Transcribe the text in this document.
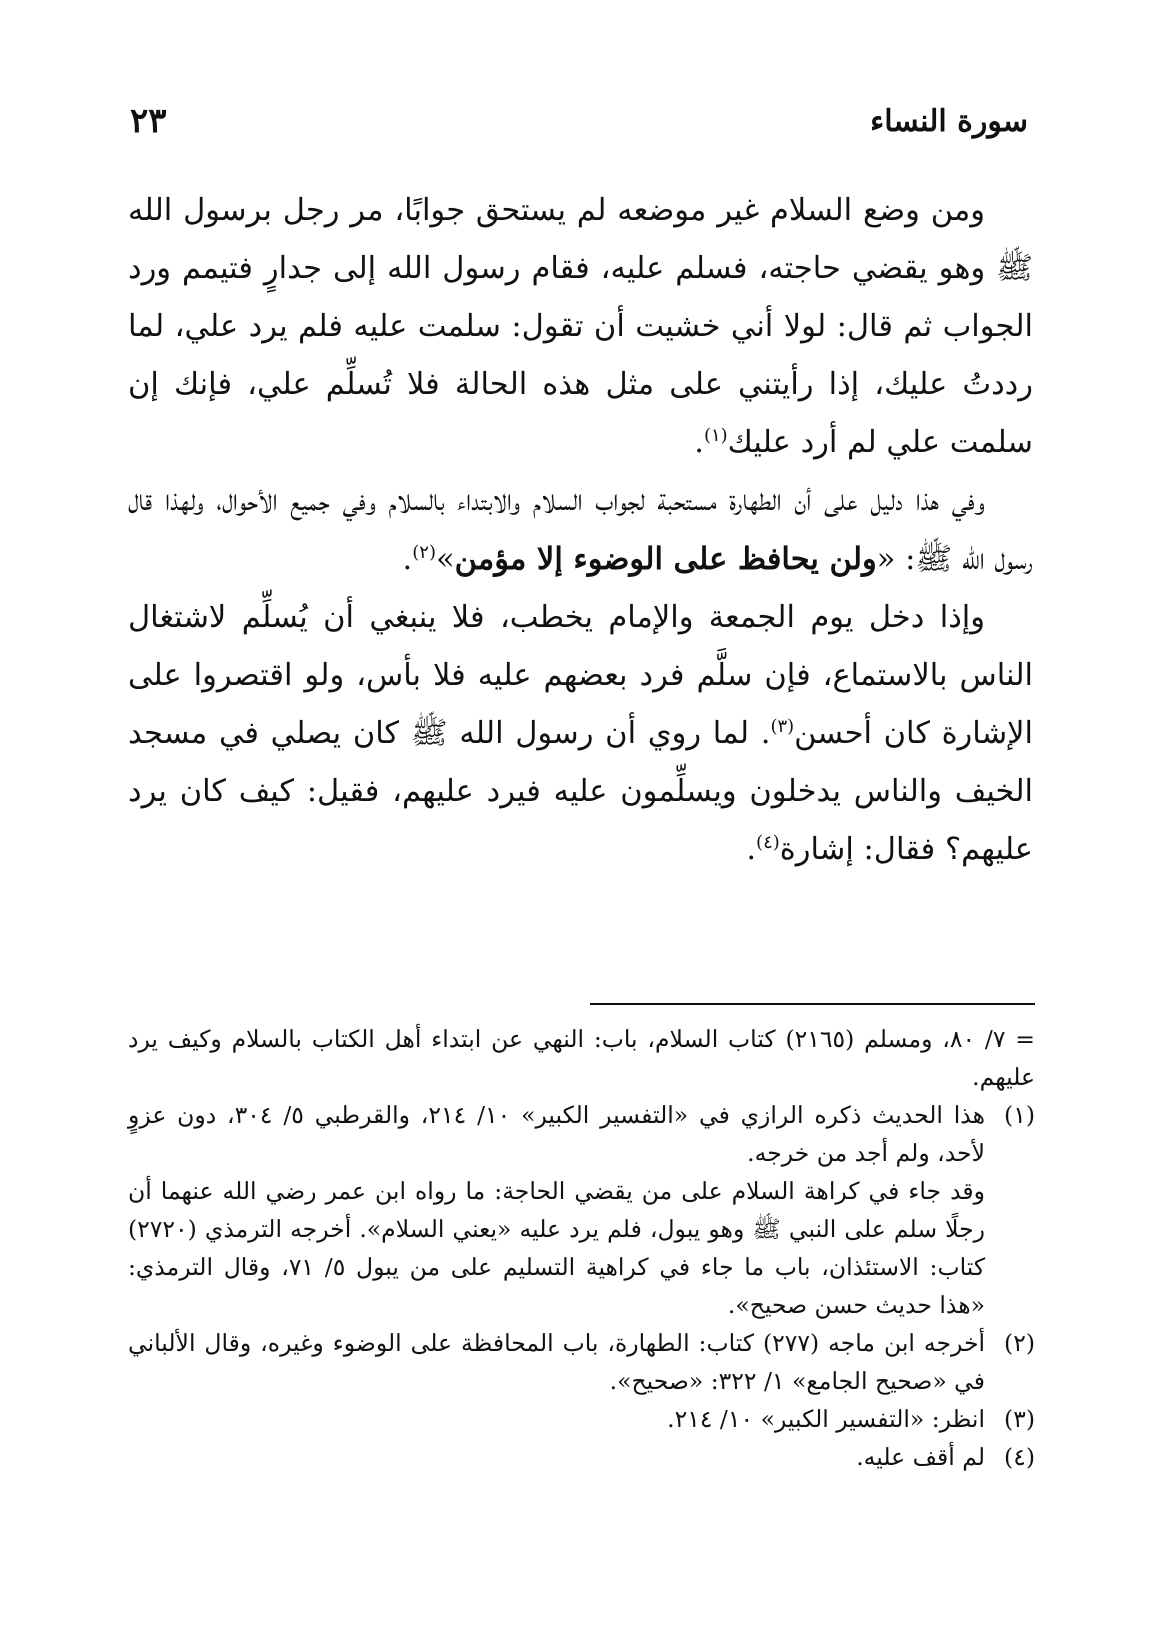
سورة النساء
٢٣

ومن وضع السلام غير موضعه لم يستحق جوابًا، مر رجل برسول الله ﷺ وهو يقضي حاجته، فسلم عليه، فقام رسول الله إلى جدارٍ فتيمم ورد الجواب ثم قال: لولا أني خشيت أن تقول: سلمت عليه فلم يرد علي، لما رددتُ عليك، إذا رأيتني على مثل هذه الحالة فلا تُسلِّم علي، فإنك إن سلمت علي لم أرد عليك$^{(١)}$.

وفي هذا دليل على أن الطهارة مستحبة لجواب السلام والابتداء بالسلام وفي جميع الأحوال، ولهذا قال رسول الله ﷺ: «ولن يحافظ على الوضوء إلا مؤمن»$^{(٢)}$.

وإذا دخل يوم الجمعة والإمام يخطب، فلا ينبغي أن يُسلِّم لاشتغال الناس بالاستماع، فإن سلَّم فرد بعضهم عليه فلا بأس، ولو اقتصروا على الإشارة كان أحسن$^{(٣)}$. لما روي أن رسول الله ﷺ كان يصلي في مسجد الخيف والناس يدخلون ويسلِّمون عليه فيرد عليهم، فقيل: كيف كان يرد عليهم؟ فقال: إشارة$^{(٤)}$.

= ٧/ ٨٠، ومسلم (٢١٦٥) كتاب السلام، باب: النهي عن ابتداء أهل الكتاب بالسلام وكيف يرد عليهم.

(١)

هذا الحديث ذكره الرازي في «التفسير الكبير» ١٠/ ٢١٤، والقرطبي ٥/ ٣٠٤، دون عزوٍ لأحد، ولم أجد من خرجه.

وقد جاء في كراهة السلام على من يقضي الحاجة: ما رواه ابن عمر رضي الله عنهما أن رجلًا سلم على النبي ﷺ وهو يبول، فلم يرد عليه «يعني السلام». أخرجه الترمذي (٢٧٢٠) كتاب: الاستئذان، باب ما جاء في كراهية التسليم على من يبول ٥/ ٧١، وقال الترمذي: «هذا حديث حسن صحيح».

(٢)

أخرجه ابن ماجه (٢٧٧) كتاب: الطهارة، باب المحافظة على الوضوء وغيره، وقال الألباني في «صحيح الجامع» ١/ ٣٢٢: «صحيح».

(٣)

انظر: «التفسير الكبير» ١٠/ ٢١٤.

(٤)

لم أقف عليه.
